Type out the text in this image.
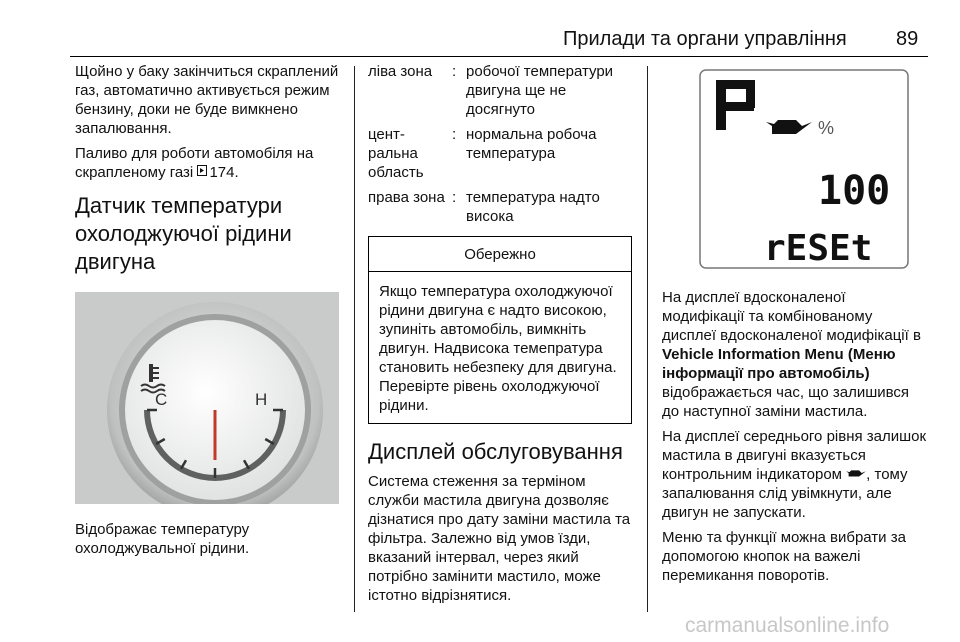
Прилади та органи управління 89

Щойно у баку закінчиться скраплений газ, автоматично активується режим бензину, доки не буде вимкнено запалювання.

Паливо для роботи автомобіля на скрапленому газі 174.

Датчик температури охолоджуючої рідини двигуна
C	H

Відображає температуру охолоджувальної рідини.

ліва зона	:	робочої температури двигуна ще не досягнуто
цент-ральна область	:	нормальна робоча температура
права зона	:	температура надто висока
Обережно
Якщо температура охолоджуючої рідини двигуна є надто високою, зупиніть автомобіль, вимкніть двигун. Надвисока темепратура становить небезпеку для двигуна. Перевірте рівень охолоджуючої рідини.
Дисплей обслуговування

Система стеження за терміном служби мастила двигуна дозволяє дізнатися про дату заміни мастила та фільтра. Залежно від умов їзди, вказаний інтервал, через який потрібно замінити мастило, може істотно відрізнятися.

P
%
100
rESEt

На дисплеї вдосконаленої модифікації та комбінованому дисплеї вдосконаленої модифікації в Vehicle Information Menu (Меню інформації про автомобіль) відображається час, що залишився до наступної заміни мастила.

На дисплеї середнього рівня залишок мастила в двигуні вказується контрольним індикатором , тому запалювання слід увімкнути, але двигун не запускати.

Меню та функції можна вибрати за допомогою кнопок на важелі перемикання поворотів.

carmanualsonline.info
